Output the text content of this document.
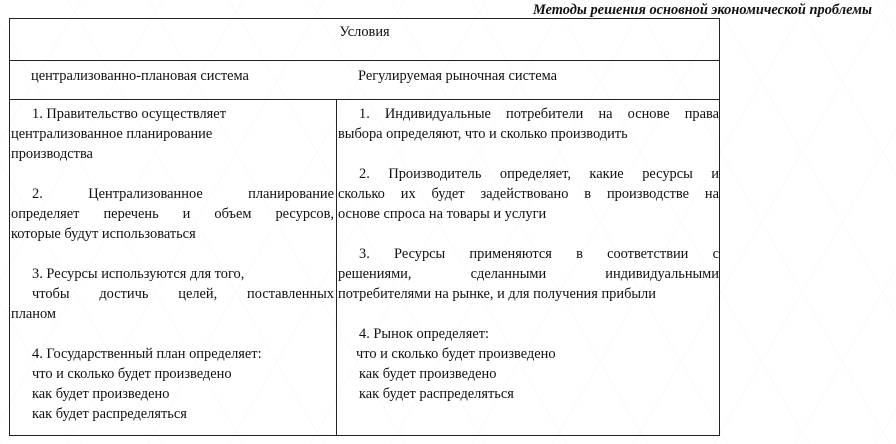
Методы решения основной экономической проблемы
Условия
централизованно-плановая система	Регулируемая рыночная система

1. Правительство осуществляет
централизованное планирование
производства

2. Централизованное планирование
определяет перечень и объем ресурсов,
которые будут использоваться

3. Ресурсы используются для того,
чтобы достичь целей, поставленных
планом

4. Государственный план определяет:
что и сколько будет произведено
как будет произведено
как будет распределяться

1. Индивидуальные потребители на основе права
выбора определяют, что и сколько производить

2. Производитель определяет, какие ресурсы и
сколько их будет задействовано в производстве на
основе спроса на товары и услуги

3. Ресурсы применяются в соответствии с
решениями, сделанными индивидуальными
потребителями на рынке, и для получения прибыли

4. Рынок определяет:
что и сколько будет произведено
как будет произведено
как будет распределяться
